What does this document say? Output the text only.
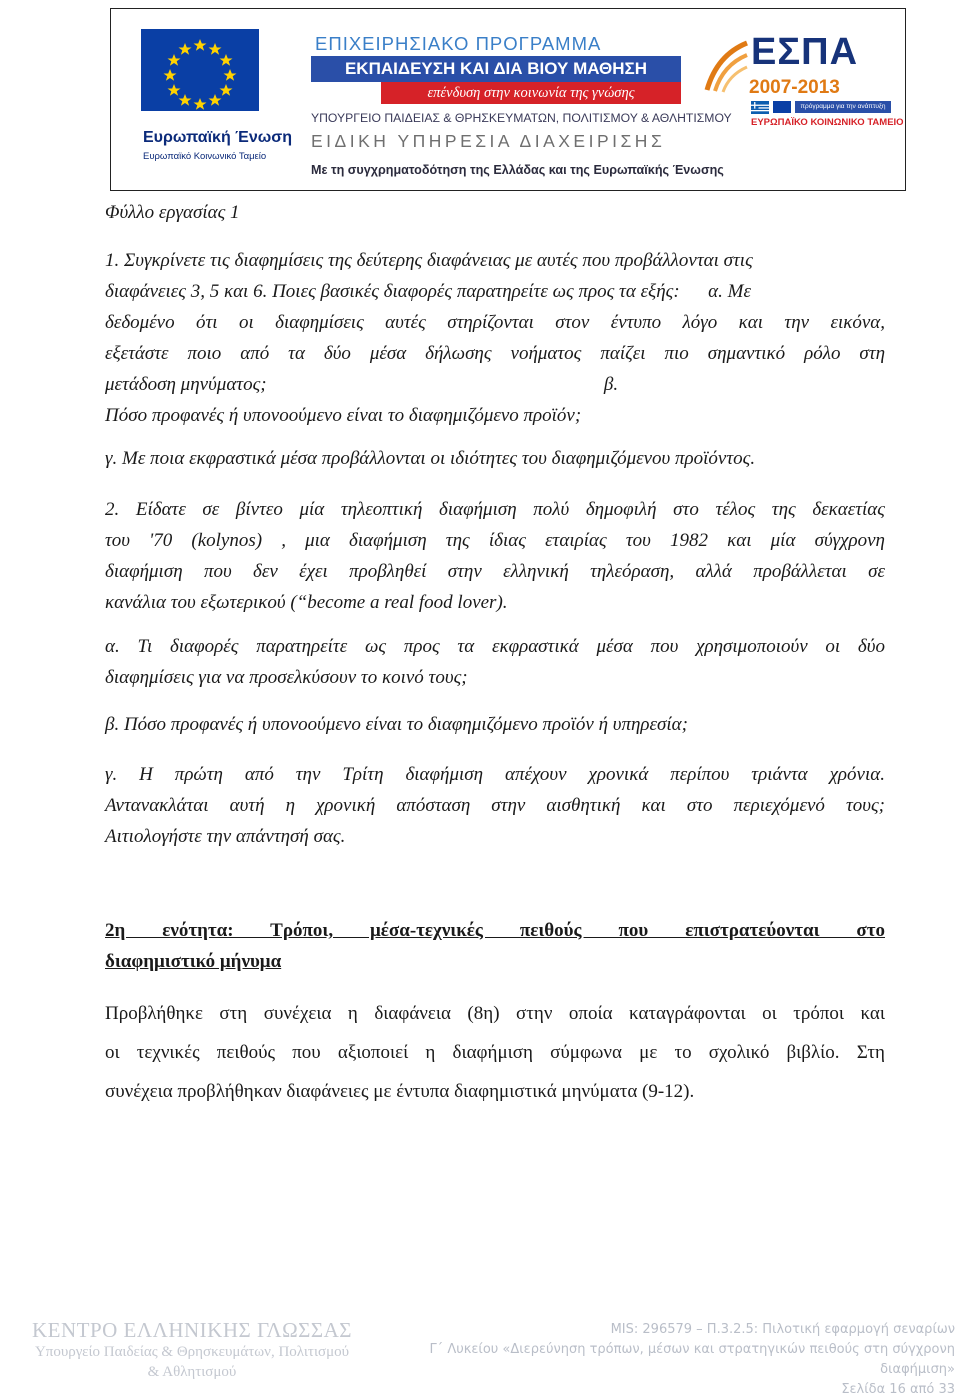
Ευρωπαϊκή Ένωση
Ευρωπαϊκό Κοινωνικό Ταμείο
ΕΠΙΧΕΙΡΗΣΙΑΚΟ ΠΡΟΓΡΑΜΜΑ
ΕΚΠΑΙΔΕΥΣΗ ΚΑΙ ΔΙΑ ΒΙΟΥ ΜΑΘΗΣΗ
επένδυση στην κοινωνία της γνώσης
ΥΠΟΥΡΓΕΙΟ ΠΑΙΔΕΙΑΣ & ΘΡΗΣΚΕΥΜΑΤΩΝ, ΠΟΛΙΤΙΣΜΟΥ & ΑΘΛΗΤΙΣΜΟΥ
ΕΙΔΙΚΗ ΥΠΗΡΕΣΙΑ ΔΙΑΧΕΙΡΙΣΗΣ
Με τη συγχρηματοδότηση της Ελλάδας και της Ευρωπαϊκής Ένωσης
ΕΣΠΑ
2007-2013
πρόγραμμα για την ανάπτυξη
ΕΥΡΩΠΑΪΚΟ ΚΟΙΝΩΝΙΚΟ ΤΑΜΕΙΟ
Φύλλο εργασίας 1
1. Συγκρίνετε τις διαφημίσεις της δεύτερης διαφάνειας με αυτές που προβάλλονται στις
διαφάνειες 3, 5 και 6. Ποιες βασικές διαφορές παρατηρείτε ως προς τα εξής:      α. Με
δεδομένο ότι οι διαφημίσεις αυτές στηρίζονται στον έντυπο λόγο και την εικόνα,
εξετάστε ποιο από τα δύο μέσα δήλωσης νοήματος παίζει πιο σημαντικό ρόλο στη
μετάδοση μηνύματος;                                                                       β.
Πόσο προφανές ή υπονοούμενο είναι το διαφημιζόμενο προϊόν;
γ. Με ποια εκφραστικά μέσα προβάλλονται οι ιδιότητες του διαφημιζόμενου προϊόντος.
2. Είδατε σε βίντεο μία τηλεοπτική διαφήμιση πολύ δημοφιλή στο τέλος της δεκαετίας
του '70 (kolynos) , μια διαφήμιση της ίδιας εταιρίας του 1982 και μία σύγχρονη
διαφήμιση που δεν έχει προβληθεί στην ελληνική τηλεόραση, αλλά προβάλλεται σε
κανάλια του εξωτερικού (“become a real food lover).
α. Τι διαφορές παρατηρείτε ως προς τα εκφραστικά μέσα που χρησιμοποιούν οι δύο
διαφημίσεις για να προσελκύσουν το κοινό τους;
β. Πόσο προφανές ή υπονοούμενο είναι το διαφημιζόμενο προϊόν ή υπηρεσία;
γ. Η πρώτη από την Τρίτη διαφήμιση απέχουν χρονικά περίπου τριάντα χρόνια.
Αντανακλάται αυτή η χρονική απόσταση στην αισθητική και στο περιεχόμενό τους;
Αιτιολογήστε την απάντησή σας.
2η ενότητα: Τρόποι, μέσα-τεχνικές πειθούς που επιστρατεύονται στο
διαφημιστικό μήνυμα
Προβλήθηκε στη συνέχεια η διαφάνεια (8η) στην οποία καταγράφονται οι τρόποι και
οι τεχνικές πειθούς που αξιοποιεί η διαφήμιση σύμφωνα με το σχολικό βιβλίο. Στη
συνέχεια προβλήθηκαν διαφάνειες με έντυπα διαφημιστικά μηνύματα (9-12).
ΚΕΝΤΡΟ ΕΛΛΗΝΙΚΗΣ ΓΛΩΣΣΑΣ
Υπουργείο Παιδείας & Θρησκευμάτων, Πολιτισμού
& Αθλητισμού
MIS: 296579 – Π.3.2.5: Πιλοτική εφαρμογή σεναρίων
Γ΄ Λυκείου «Διερεύνηση τρόπων, μέσων και στρατηγικών πειθούς στη σύγχρονη
διαφήμιση»
Σελίδα 16 από 33
